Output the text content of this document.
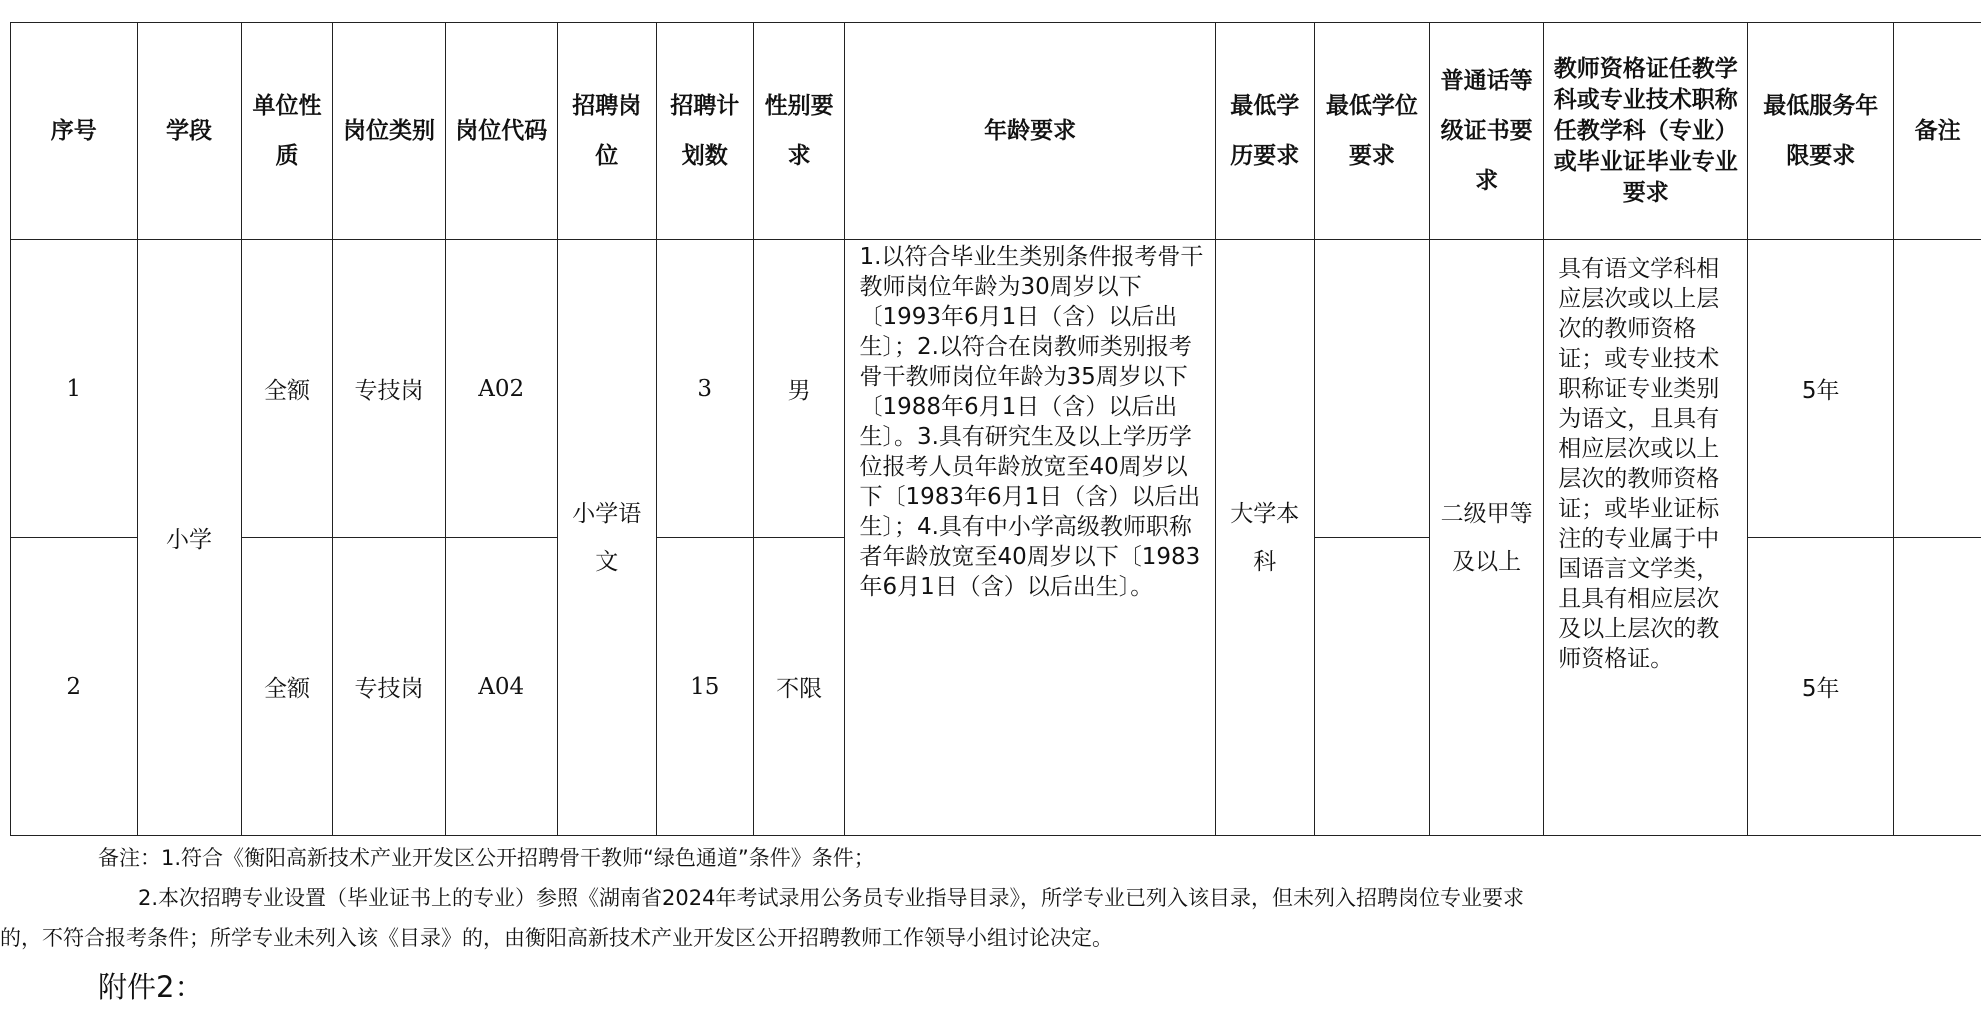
序号	学段	单位性质	岗位类别	岗位代码	招聘岗位	招聘计划数	性别要求	年龄要求	最低学历要求	最低学位要求	普通话等级证书要求	教师资格证任教学科或专业技术职称任教学科（专业）或毕业证毕业专业要求	最低服务年限要求	备注
1	小学	全额	专技岗	A02	小学语文	3	男	1.以符合毕业生类别条件报考骨干教师岗位年龄为30周岁以下〔1993年6月1日（含）以后出生〕；2.以符合在岗教师类别报考骨干教师岗位年龄为35周岁以下〔1988年6月1日（含）以后出生〕。3.具有研究生及以上学历学位报考人员年龄放宽至40周岁以下〔1983年6月1日（含）以后出生〕；4.具有中小学高级教师职称者年龄放宽至40周岁以下〔1983年6月1日（含）以后出生〕。	大学本科		二级甲等及以上	具有语文学科相应层次或以上层次的教师资格证；或专业技术职称证专业类别为语文，且具有相应层次或以上层次的教师资格证；或毕业证标注的专业属于中国语言文学类，且具有相应层次及以上层次的教师资格证。	5年	
2		全额	专技岗	A04		15	不限						5年	
备注：1.符合《衡阳高新技术产业开发区公开招聘骨干教师“绿色通道”条件》条件；
2.本次招聘专业设置（毕业证书上的专业）参照《湖南省2024年考试录用公务员专业指导目录》，所学专业已列入该目录，但未列入招聘岗位专业要求
的，不符合报考条件；所学专业未列入该《目录》的，由衡阳高新技术产业开发区公开招聘教师工作领导小组讨论决定。
附件2：
